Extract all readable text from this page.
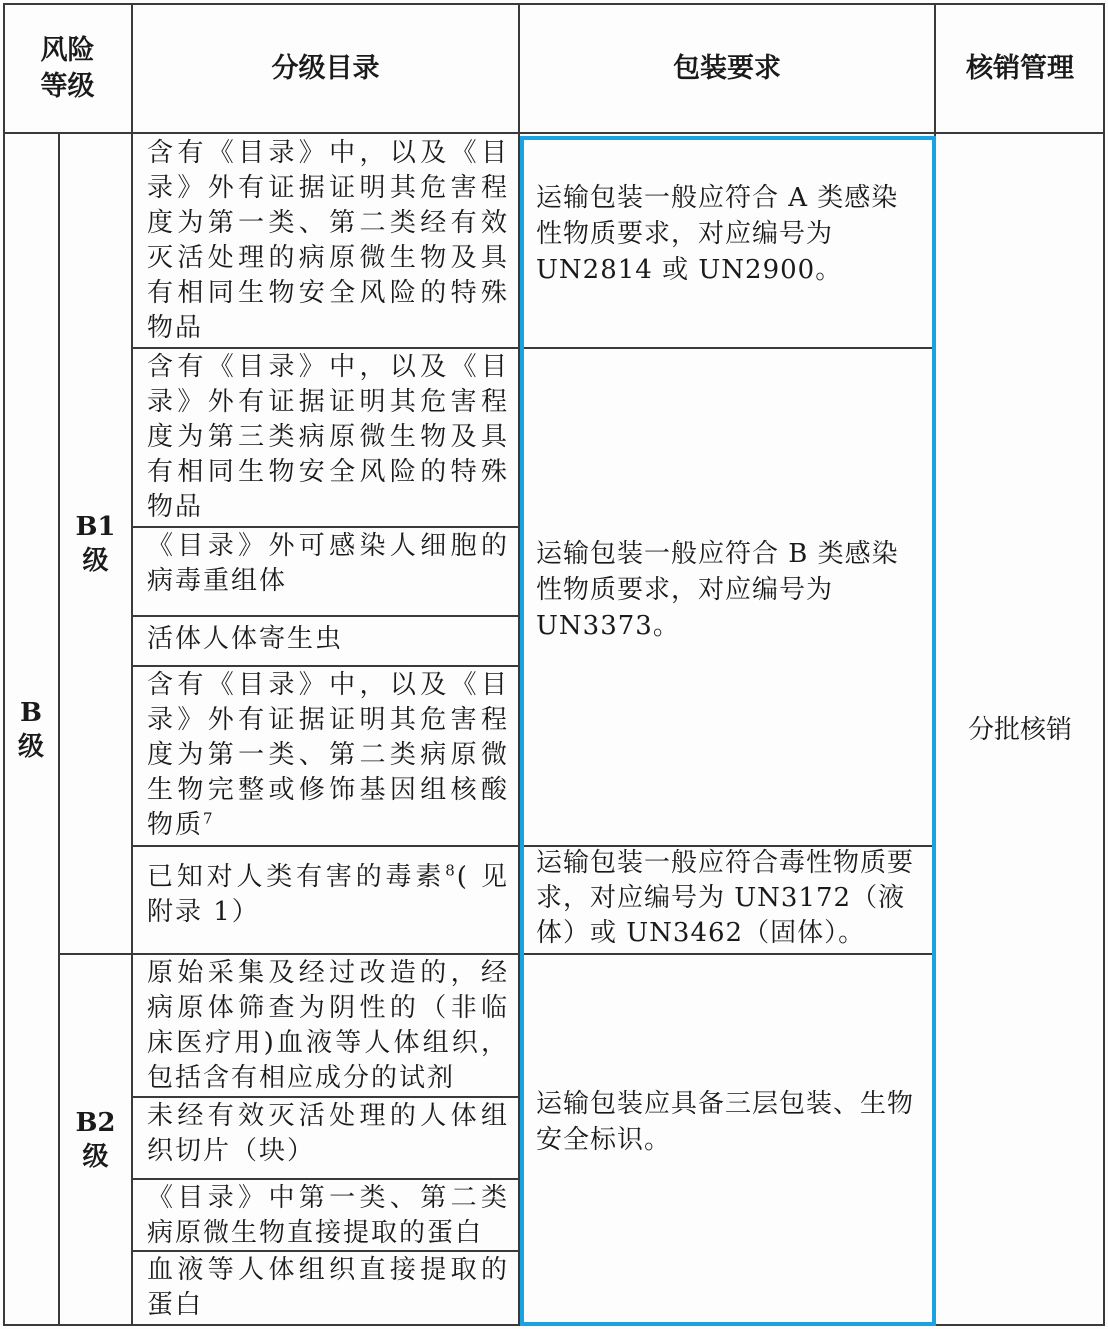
风险
等级
分级目录	包装要求	核销管理
B
级
B1
级
B2
级
含有《目录》中，以及《目录》外有证据证明其危害程度为第一类、第二类经有效灭活处理的病原微生物及具有相同生物安全风险的特殊物品
含有《目录》中，以及《目录》外有证据证明其危害程度为第三类病原微生物及具有相同生物安全风险的特殊物品
《目录》外可感染人细胞的病毒重组体
活体人体寄生虫
含有《目录》中，以及《目录》外有证据证明其危害程度为第一类、第二类病原微生物完整或修饰基因组核酸物质$^7$
已知对人类有害的毒素$^8$( 见附录 1）
原始采集及经过改造的，经病原体筛查为阴性的（非临床医疗用)血液等人体组织，包括含有相应成分的试剂
未经有效灭活处理的人体组织切片（块）
《目录》中第一类、第二类病原微生物直接提取的蛋白
血液等人体组织直接提取的蛋白
运输包装一般应符合 A 类感染性物质要求，对应编号为 UN2814 或 UN2900。
运输包装一般应符合 B 类感染性物质要求，对应编号为 UN3373。
运输包装一般应符合毒性物质要求，对应编号为 UN3172（液体）或 UN3462（固体）。
运输包装应具备三层包装、生物安全标识。
分批核销
